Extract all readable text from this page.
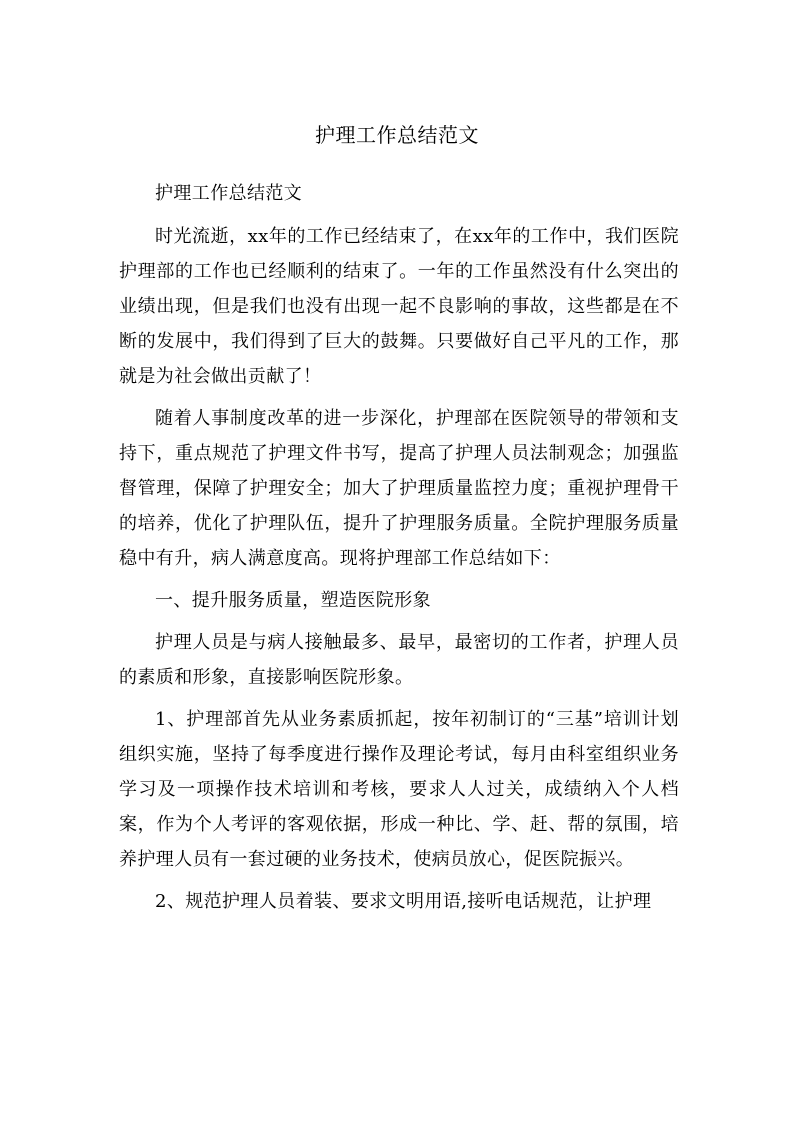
护理工作总结范文

护理工作总结范文

时光流逝，xx年的工作已经结束了，在xx年的工作中，我们医院护理部的工作也已经顺利的结束了。一年的工作虽然没有什么突出的业绩出现，但是我们也没有出现一起不良影响的事故，这些都是在不断的发展中，我们得到了巨大的鼓舞。只要做好自己平凡的工作，那就是为社会做出贡献了！

随着人事制度改革的进一步深化，护理部在医院领导的带领和支持下，重点规范了护理文件书写，提高了护理人员法制观念；加强监督管理，保障了护理安全；加大了护理质量监控力度；重视护理骨干的培养，优化了护理队伍，提升了护理服务质量。全院护理服务质量稳中有升，病人满意度高。现将护理部工作总结如下：

一、提升服务质量，塑造医院形象

护理人员是与病人接触最多、最早，最密切的工作者，护理人员的素质和形象，直接影响医院形象。

1、护理部首先从业务素质抓起，按年初制订的“三基”培训计划组织实施，坚持了每季度进行操作及理论考试，每月由科室组织业务学习及一项操作技术培训和考核，要求人人过关，成绩纳入个人档案，作为个人考评的客观依据，形成一种比、学、赶、帮的氛围，培养护理人员有一套过硬的业务技术，使病员放心，促医院振兴。

2、规范护理人员着装、要求文明用语,接听电话规范，让护理
